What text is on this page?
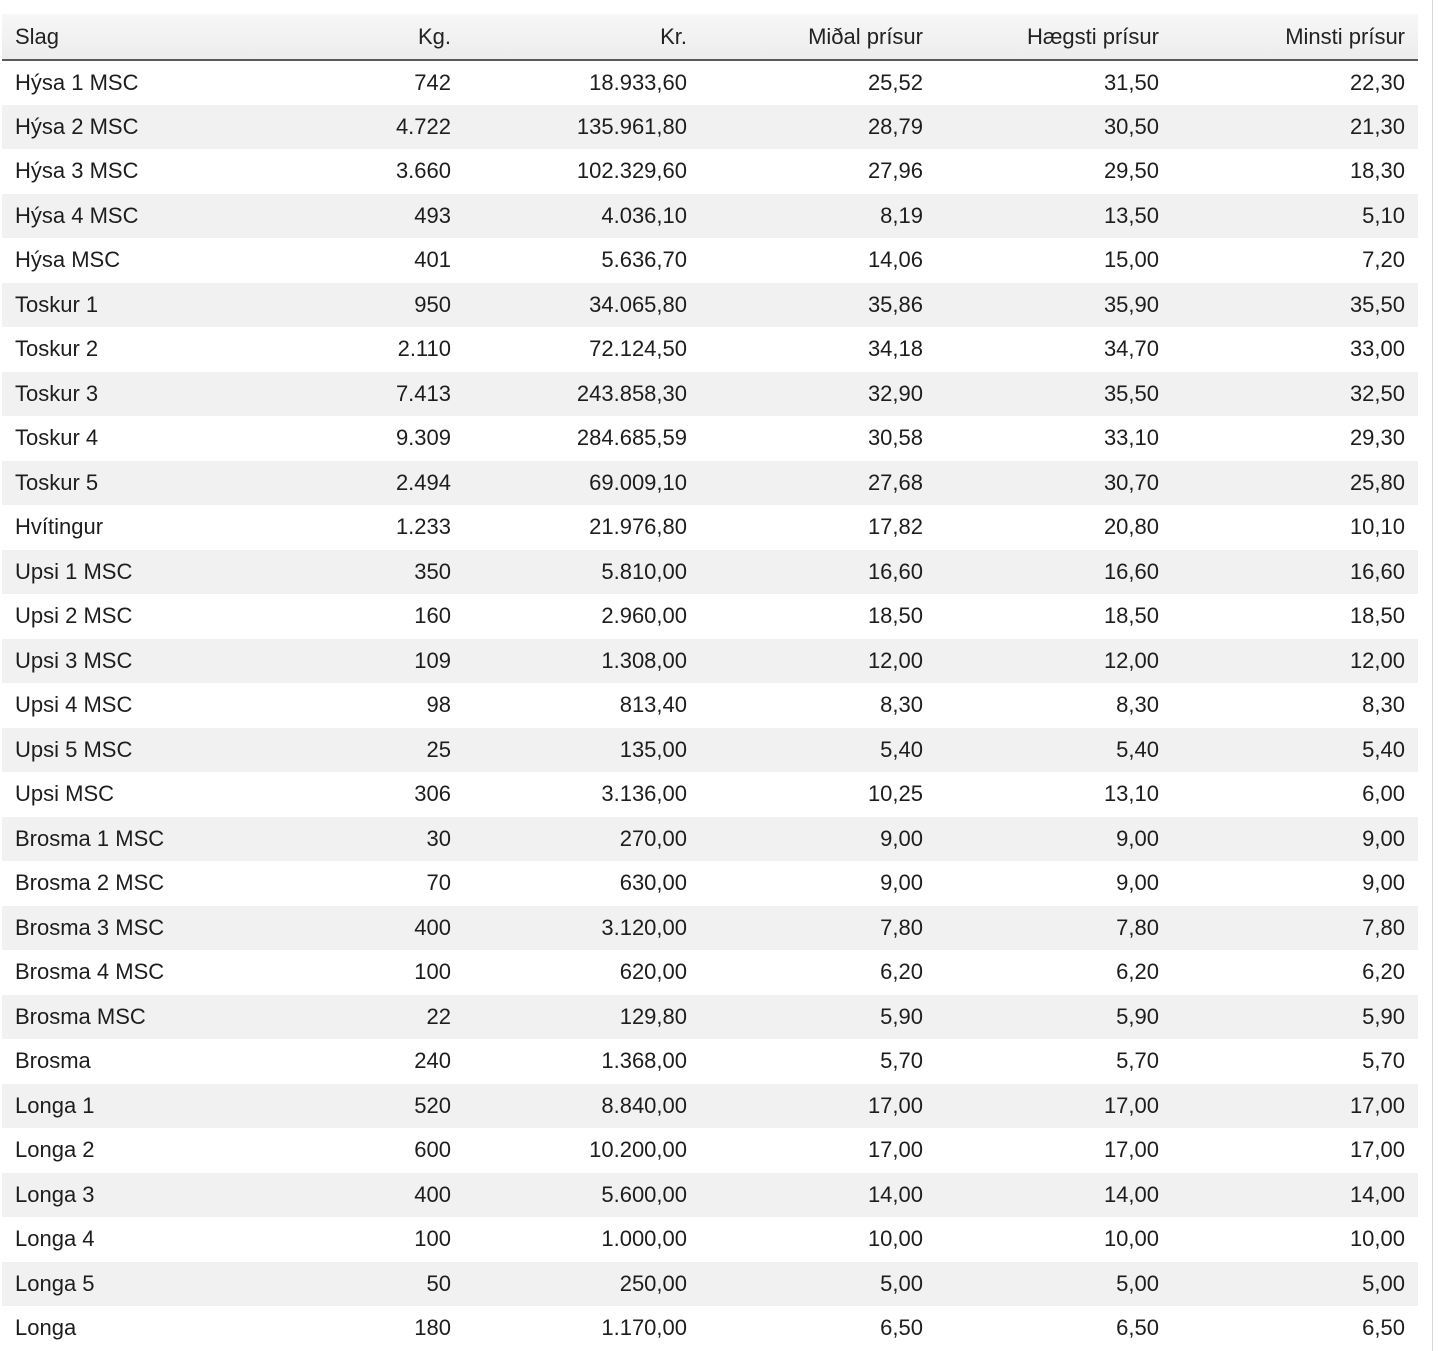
Slag	Kg.	Kr.	Miðal prísur	Hægsti prísur	Minsti prísur
Hýsa 1 MSC	742	18.933,60	25,52	31,50	22,30
Hýsa 2 MSC	4.722	135.961,80	28,79	30,50	21,30
Hýsa 3 MSC	3.660	102.329,60	27,96	29,50	18,30
Hýsa 4 MSC	493	4.036,10	8,19	13,50	5,10
Hýsa MSC	401	5.636,70	14,06	15,00	7,20
Toskur 1	950	34.065,80	35,86	35,90	35,50
Toskur 2	2.110	72.124,50	34,18	34,70	33,00
Toskur 3	7.413	243.858,30	32,90	35,50	32,50
Toskur 4	9.309	284.685,59	30,58	33,10	29,30
Toskur 5	2.494	69.009,10	27,68	30,70	25,80
Hvítingur	1.233	21.976,80	17,82	20,80	10,10
Upsi 1 MSC	350	5.810,00	16,60	16,60	16,60
Upsi 2 MSC	160	2.960,00	18,50	18,50	18,50
Upsi 3 MSC	109	1.308,00	12,00	12,00	12,00
Upsi 4 MSC	98	813,40	8,30	8,30	8,30
Upsi 5 MSC	25	135,00	5,40	5,40	5,40
Upsi MSC	306	3.136,00	10,25	13,10	6,00
Brosma 1 MSC	30	270,00	9,00	9,00	9,00
Brosma 2 MSC	70	630,00	9,00	9,00	9,00
Brosma 3 MSC	400	3.120,00	7,80	7,80	7,80
Brosma 4 MSC	100	620,00	6,20	6,20	6,20
Brosma MSC	22	129,80	5,90	5,90	5,90
Brosma	240	1.368,00	5,70	5,70	5,70
Longa 1	520	8.840,00	17,00	17,00	17,00
Longa 2	600	10.200,00	17,00	17,00	17,00
Longa 3	400	5.600,00	14,00	14,00	14,00
Longa 4	100	1.000,00	10,00	10,00	10,00
Longa 5	50	250,00	5,00	5,00	5,00
Longa	180	1.170,00	6,50	6,50	6,50
